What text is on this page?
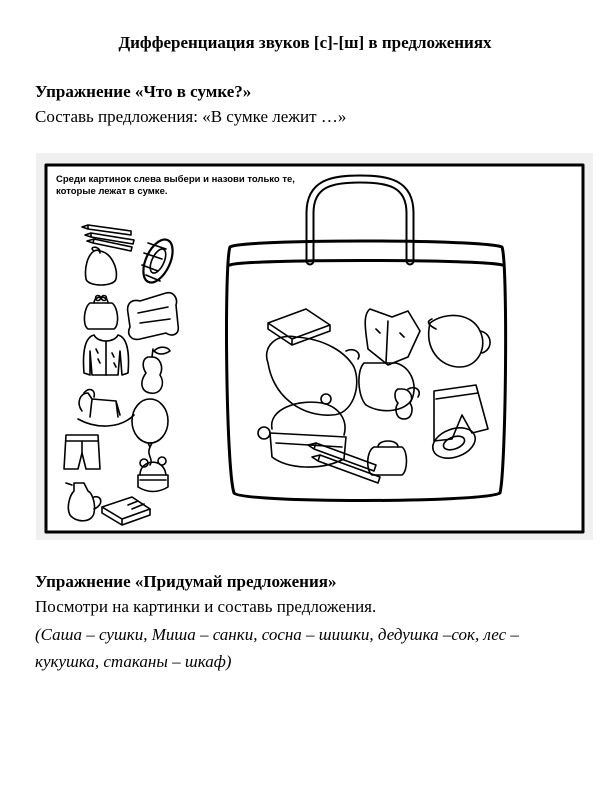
Дифференциация звуков [с]-[ш] в предложениях
Упражнение «Что в сумке?»
Составь предложения: «В сумке лежит …»
Среди картинок слева выбери и назови только те, которые лежат в сумке.
Упражнение «Придумай предложения»
Посмотри на картинки и составь предложения.
(Саша – сушки, Миша – санки, сосна – шишки, дедушка –сок, лес –
кукушка, стаканы – шкаф)
